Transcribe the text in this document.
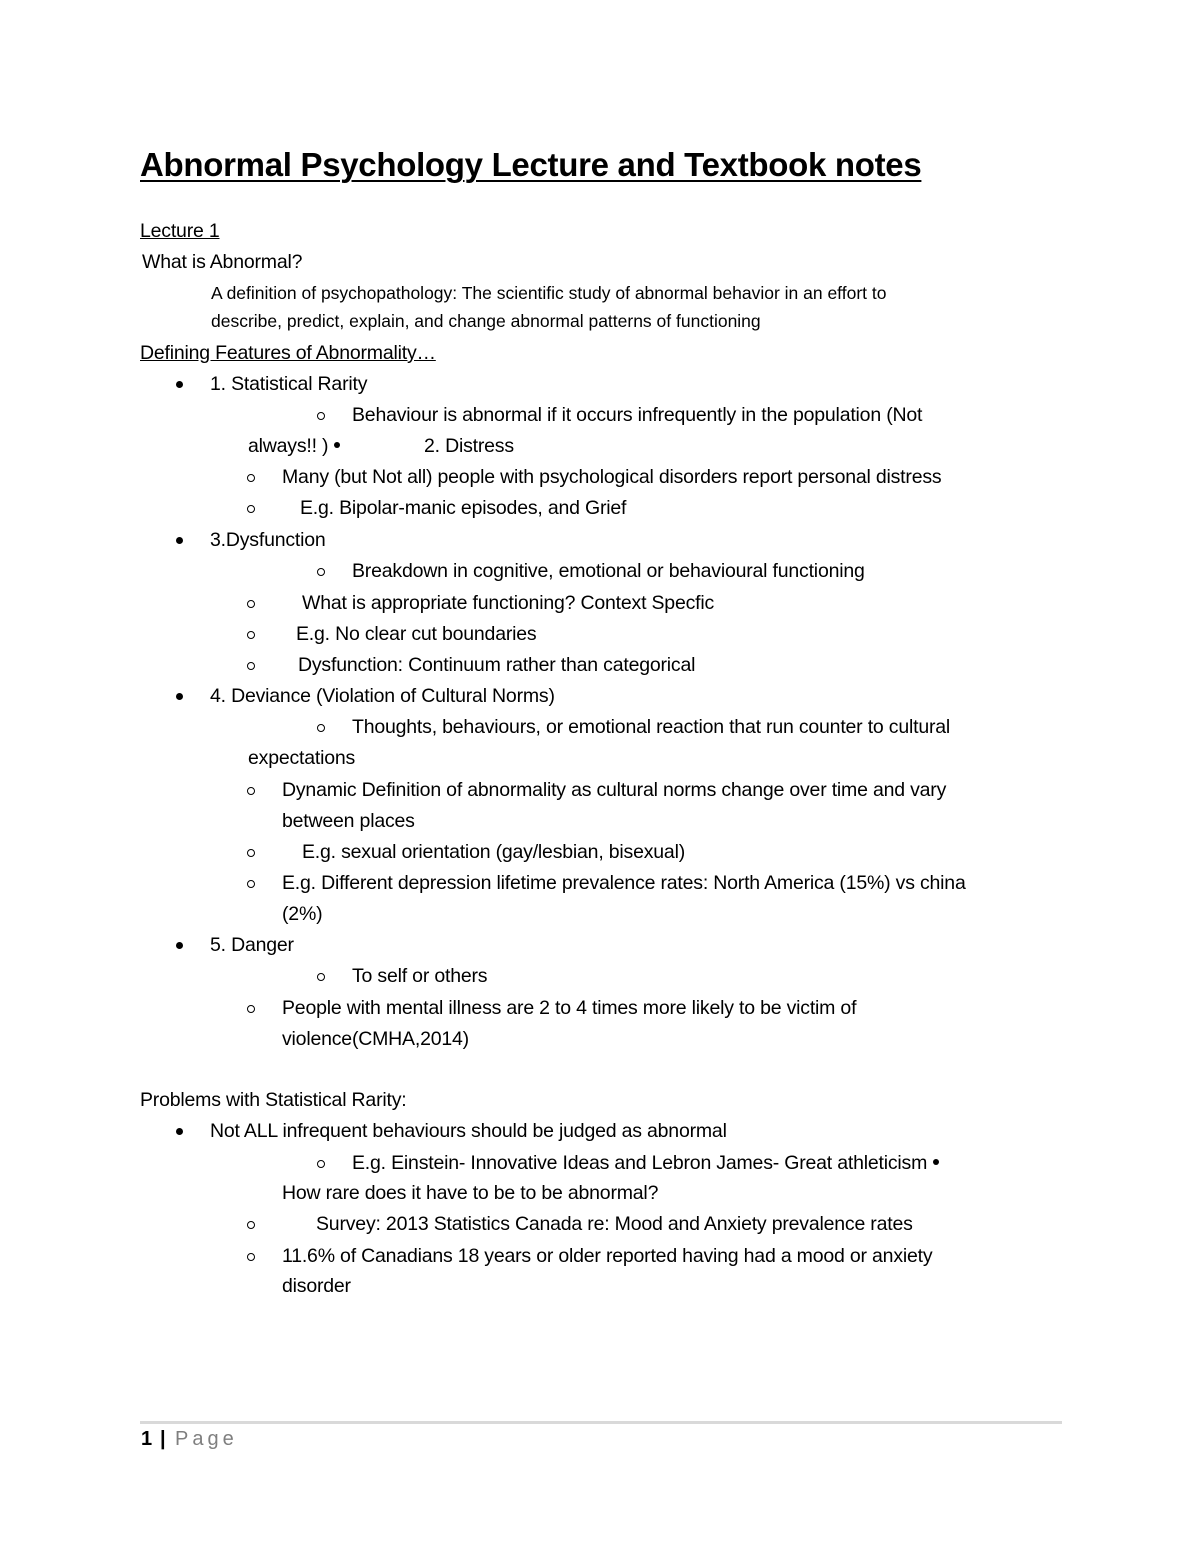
Abnormal Psychology Lecture and Textbook notes
Lecture 1
What is Abnormal?
A definition of psychopathology: The scientific study of abnormal behavior in an effort to
describe, predict, explain, and change abnormal patterns of functioning
Defining Features of Abnormality…
1. Statistical Rarity
Behaviour is abnormal if it occurs infrequently in the population (Not
always!! )	2. Distress
Many (but Not all) people with psychological disorders report personal distress
E.g. Bipolar-manic episodes, and Grief
3.Dysfunction
Breakdown in cognitive, emotional or behavioural functioning
What is appropriate functioning? Context Specfic
E.g. No clear cut boundaries
Dysfunction: Continuum rather than categorical
4. Deviance (Violation of Cultural Norms)
Thoughts, behaviours, or emotional reaction that run counter to cultural
expectations
Dynamic Definition of abnormality as cultural norms change over time and vary
between places
E.g. sexual orientation (gay/lesbian, bisexual)
E.g. Different depression lifetime prevalence rates: North America (15%) vs china
(2%)
5. Danger
To self or others
People with mental illness are 2 to 4 times more likely to be victim of
violence(CMHA,2014)
Problems with Statistical Rarity:
Not ALL infrequent behaviours should be judged as abnormal
E.g. Einstein- Innovative Ideas and Lebron James- Great athleticism
How rare does it have to be to be abnormal?
Survey: 2013 Statistics Canada re: Mood and Anxiety prevalence rates
11.6% of Canadians 18 years or older reported having had a mood or anxiety
disorder
1 | Page
